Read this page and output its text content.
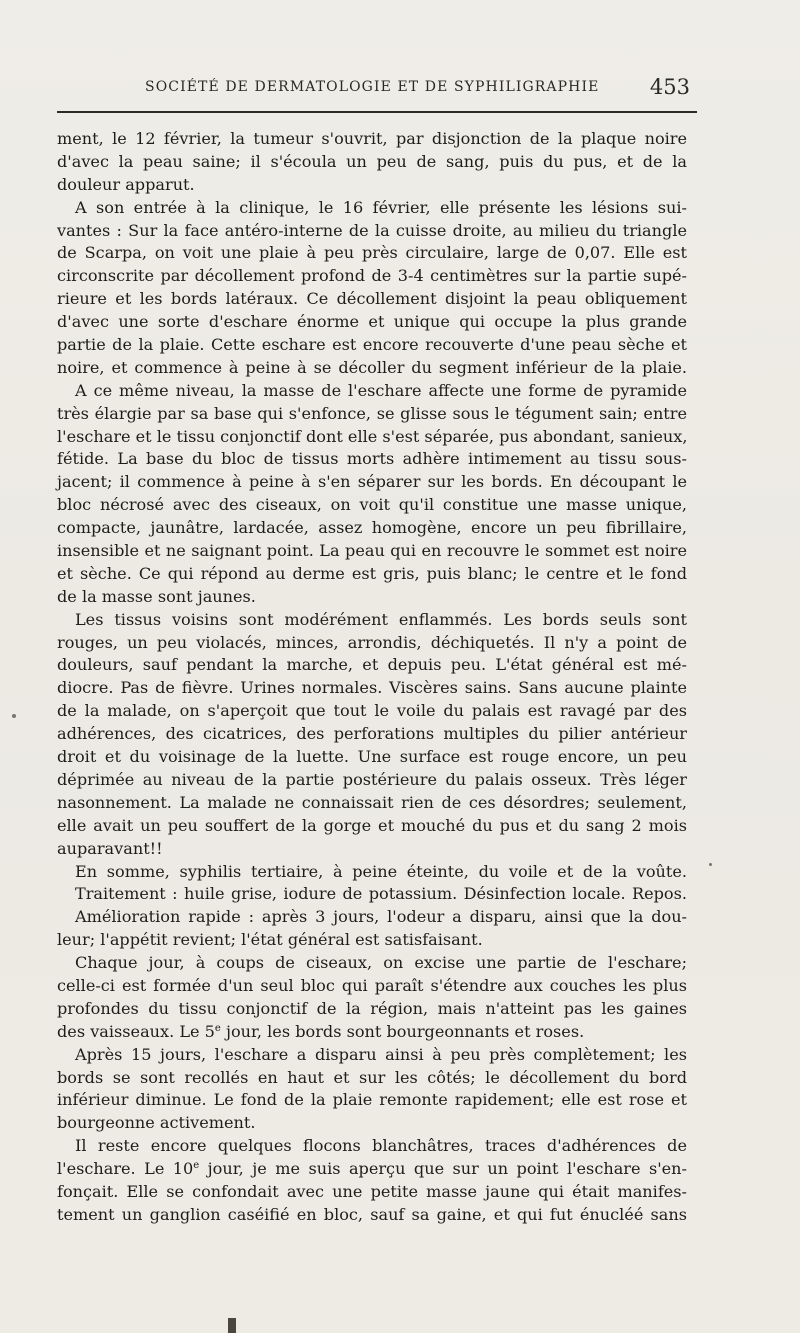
SOCIÉTÉ DE DERMATOLOGIE ET DE SYPHILIGRAPHIE 453
ment, le 12 février, la tumeur s'ouvrit, par disjonction de la plaque noire
d'avec la peau saine; il s'écoula un peu de sang, puis du pus, et de la
douleur apparut.
A son entrée à la clinique, le 16 février, elle présente les lésions sui-
vantes : Sur la face antéro-interne de la cuisse droite, au milieu du triangle
de Scarpa, on voit une plaie à peu près circulaire, large de 0,07. Elle est
circonscrite par décollement profond de 3-4 centimètres sur la partie supé-
rieure et les bords latéraux. Ce décollement disjoint la peau obliquement
d'avec une sorte d'eschare énorme et unique qui occupe la plus grande
partie de la plaie. Cette eschare est encore recouverte d'une peau sèche et
noire, et commence à peine à se décoller du segment inférieur de la plaie.
A ce même niveau, la masse de l'eschare affecte une forme de pyramide
très élargie par sa base qui s'enfonce, se glisse sous le tégument sain; entre
l'eschare et le tissu conjonctif dont elle s'est séparée, pus abondant, sanieux,
fétide. La base du bloc de tissus morts adhère intimement au tissu sous-
jacent; il commence à peine à s'en séparer sur les bords. En découpant le
bloc nécrosé avec des ciseaux, on voit qu'il constitue une masse unique,
compacte, jaunâtre, lardacée, assez homogène, encore un peu fibrillaire,
insensible et ne saignant point. La peau qui en recouvre le sommet est noire
et sèche. Ce qui répond au derme est gris, puis blanc; le centre et le fond
de la masse sont jaunes.
Les tissus voisins sont modérément enflammés. Les bords seuls sont
rouges, un peu violacés, minces, arrondis, déchiquetés. Il n'y a point de
douleurs, sauf pendant la marche, et depuis peu. L'état général est mé-
diocre. Pas de fièvre. Urines normales. Viscères sains. Sans aucune plainte
de la malade, on s'aperçoit que tout le voile du palais est ravagé par des
adhérences, des cicatrices, des perforations multiples du pilier antérieur
droit et du voisinage de la luette. Une surface est rouge encore, un peu
déprimée au niveau de la partie postérieure du palais osseux. Très léger
nasonnement. La malade ne connaissait rien de ces désordres; seulement,
elle avait un peu souffert de la gorge et mouché du pus et du sang 2 mois
auparavant!!
En somme, syphilis tertiaire, à peine éteinte, du voile et de la voûte.
Traitement : huile grise, iodure de potassium. Désinfection locale. Repos.
Amélioration rapide : après 3 jours, l'odeur a disparu, ainsi que la dou-
leur; l'appétit revient; l'état général est satisfaisant.
Chaque jour, à coups de ciseaux, on excise une partie de l'eschare;
celle-ci est formée d'un seul bloc qui paraît s'étendre aux couches les plus
profondes du tissu conjonctif de la région, mais n'atteint pas les gaines
des vaisseaux. Le 5e jour, les bords sont bourgeonnants et roses.
Après 15 jours, l'eschare a disparu ainsi à peu près complètement; les
bords se sont recollés en haut et sur les côtés; le décollement du bord
inférieur diminue. Le fond de la plaie remonte rapidement; elle est rose et
bourgeonne activement.
Il reste encore quelques flocons blanchâtres, traces d'adhérences de
l'eschare. Le 10e jour, je me suis aperçu que sur un point l'eschare s'en-
fonçait. Elle se confondait avec une petite masse jaune qui était manifes-
tement un ganglion caséifié en bloc, sauf sa gaine, et qui fut énucléé sans
